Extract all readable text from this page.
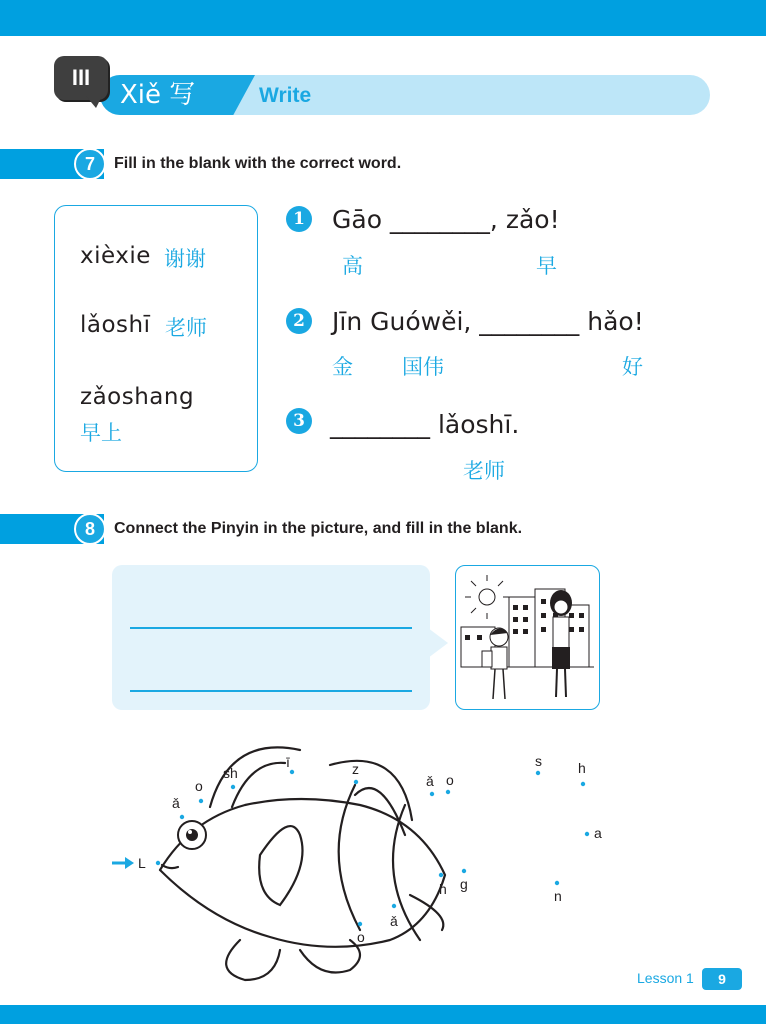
III
Xiě 写	Write
7	Fill in the blank with the correct word.
xièxie 谢谢
lǎoshī 老师
zǎoshang
早上
1 Gāo ________, zǎo!
高	早
2 Jīn Guówěi, ________ hǎo!
金 国伟	好
3 ________ lǎoshī.
老师
8	Connect the Pinyin in the picture, and fill in the blank.
L
ǎ
o
sh
ī	z
ǎ o
h g
ǎ
o
s	h
a
n
Lesson 1	9
